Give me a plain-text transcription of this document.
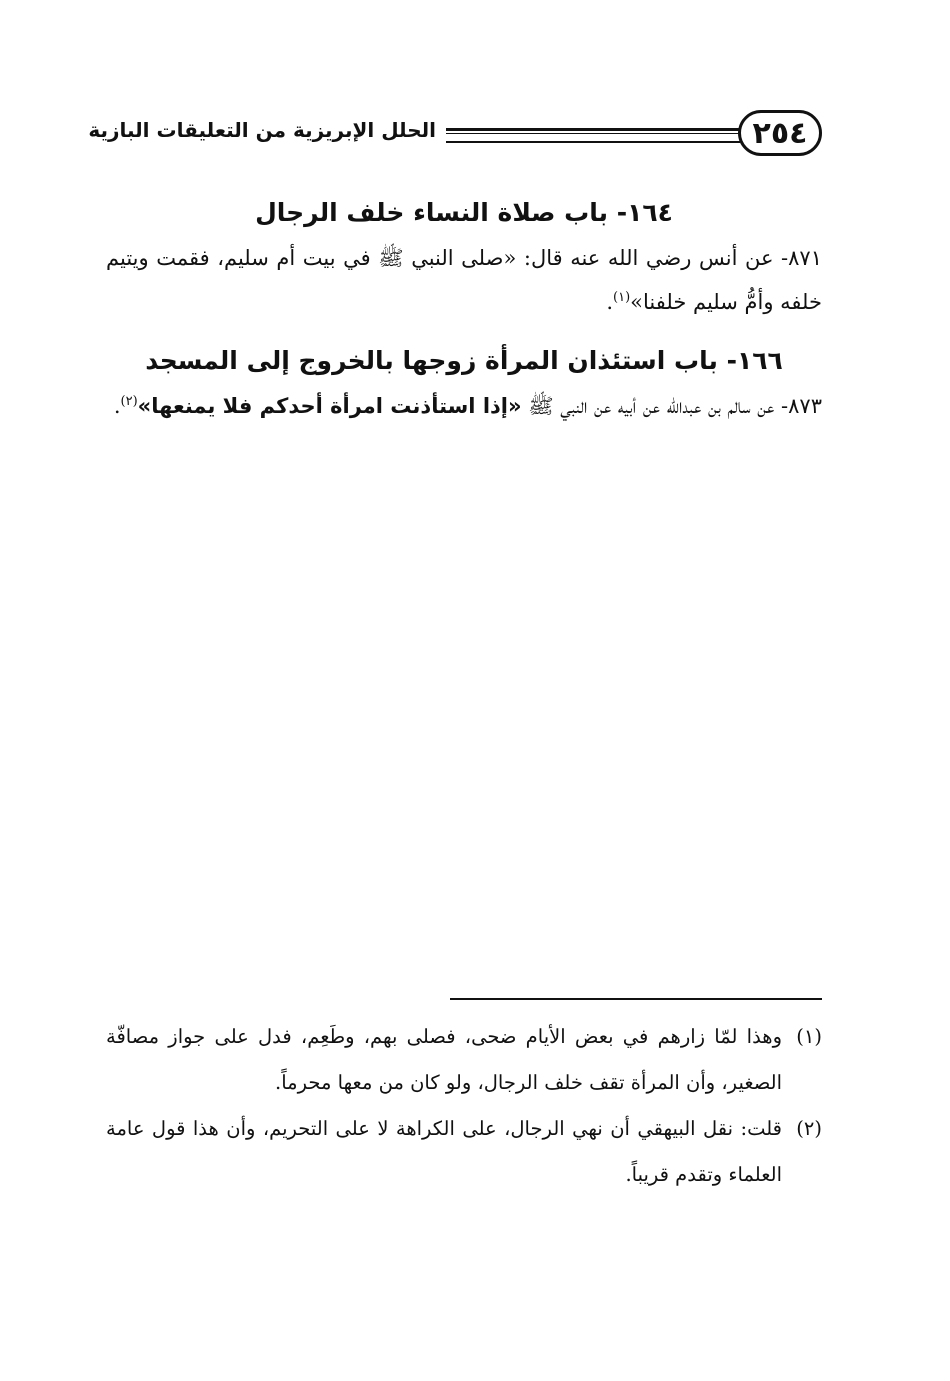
٢٥٤
الحلل الإبريزية من التعليقات البازية
١٦٤- باب صلاة النساء خلف الرجال

٨٧١- عن أنس رضي الله عنه قال: «صلى النبي ﷺ في بيت أم سليم، فقمت ويتيم خلفه وأمُّ سليم خلفنا»$^{(١)}$.

١٦٦- باب استئذان المرأة زوجها بالخروج إلى المسجد

٨٧٣- عن سالم بن عبدالله عن أبيه عن النبي ﷺ «إذا استأذنت امرأة أحدكم فلا يمنعها»$^{(٢)}$.

(١)
وهذا لمّا زارهم في بعض الأيام ضحى، فصلى بهم، وطَعِم، فدل على جواز مصافّة الصغير، وأن المرأة تقف خلف الرجال، ولو كان من معها محرماً.

(٢)
قلت: نقل البيهقي أن نهي الرجال، على الكراهة لا على التحريم، وأن هذا قول عامة العلماء وتقدم قريباً.
